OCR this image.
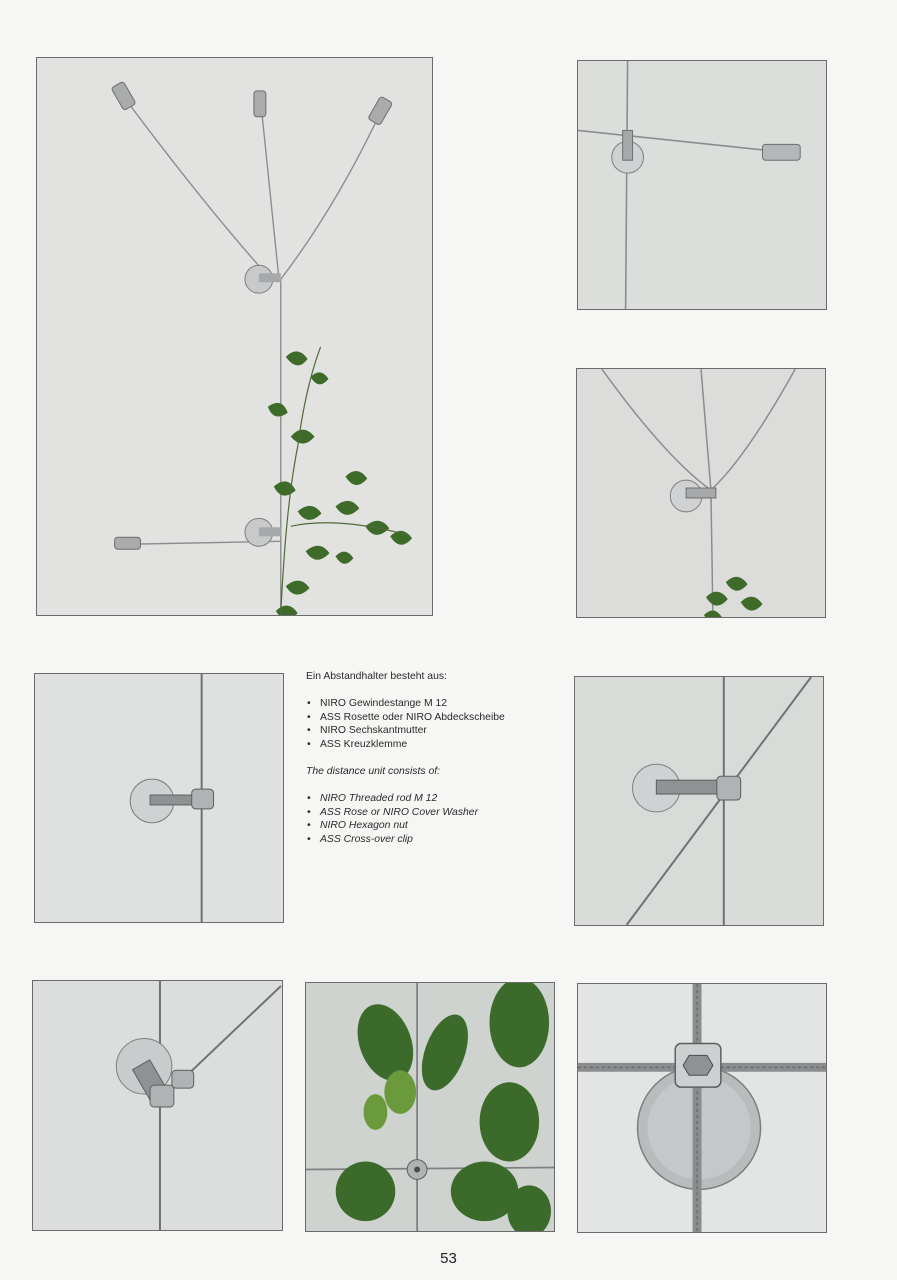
Ein Abstandhalter besteht aus:
• NIRO Gewindestange M 12
• ASS Rosette oder NIRO Abdeckscheibe
• NIRO Sechskantmutter
• ASS Kreuzklemme
The distance unit consists of:
• NIRO Threaded rod M 12
• ASS Rose or NIRO Cover Washer
• NIRO Hexagon nut
• ASS Cross-over clip
53
